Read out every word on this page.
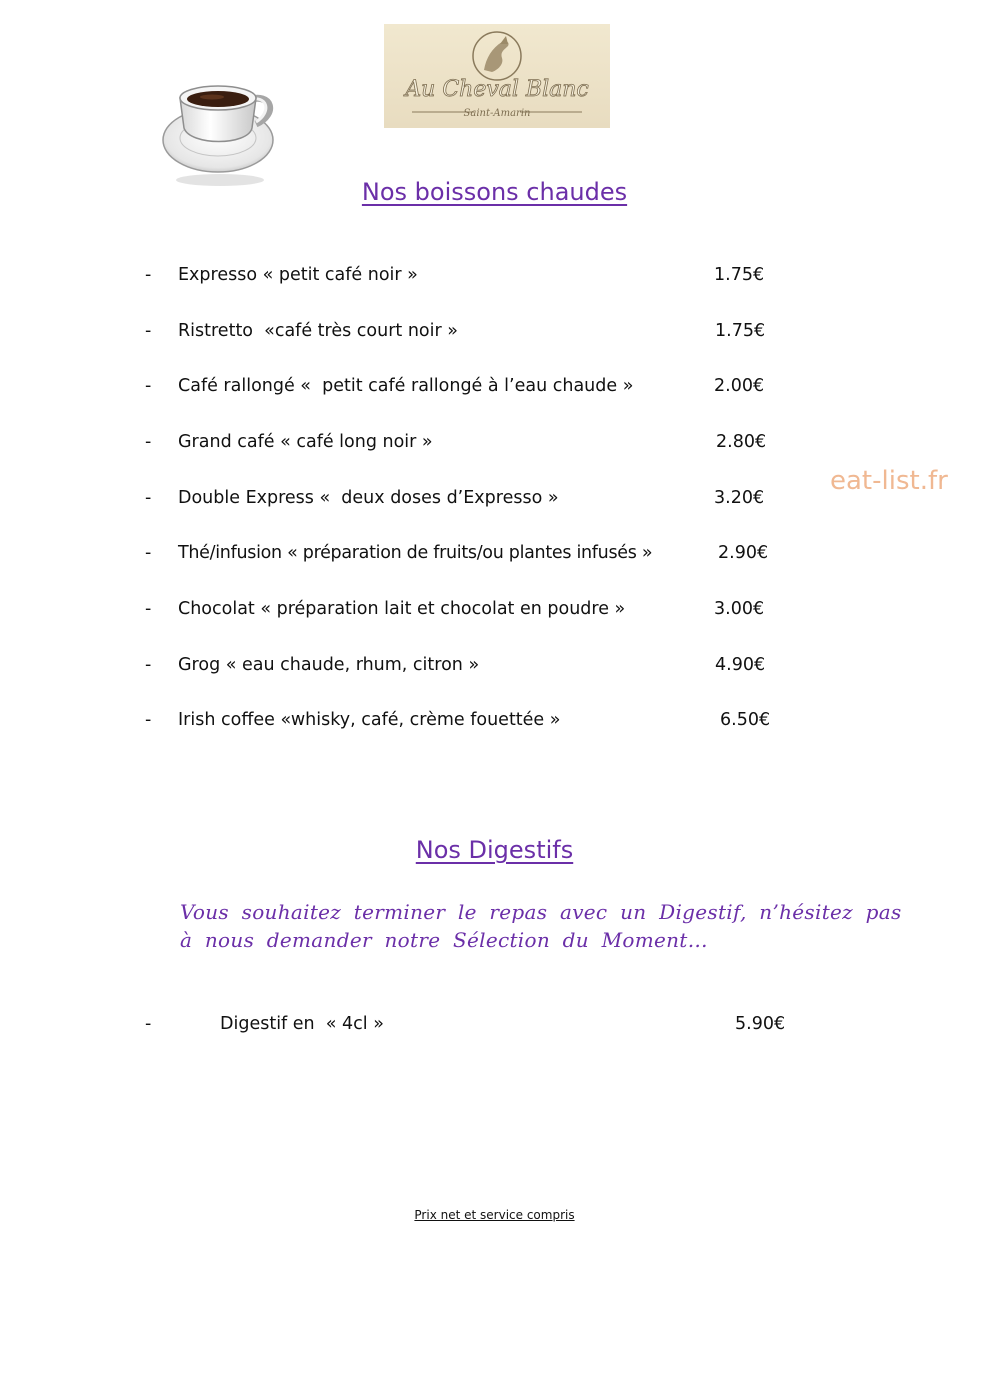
Au Cheval Blanc
Saint-Amarin
Nos boissons chaudes
- Expresso « petit café noir »	1.75€
- Ristretto  «café très court noir »	1.75€
- Café rallongé «  petit café rallongé à l’eau chaude »	2.00€
- Grand café « café long noir »	2.80€
- Double Express «  deux doses d’Expresso »	3.20€
- Thé/infusion « préparation de fruits/ou plantes infusés »	2.90€
- Chocolat « préparation lait et chocolat en poudre »	3.00€
- Grog « eau chaude, rhum, citron »	4.90€
- Irish coffee «whisky, café, crème fouettée »	6.50€
eat-list.fr
Nos Digestifs
Vous souhaitez terminer le repas avec un Digestif, n’hésitez pas
à nous demander notre Sélection du Moment…
-	Digestif en  « 4cl »	5.90€
Prix net et service compris
